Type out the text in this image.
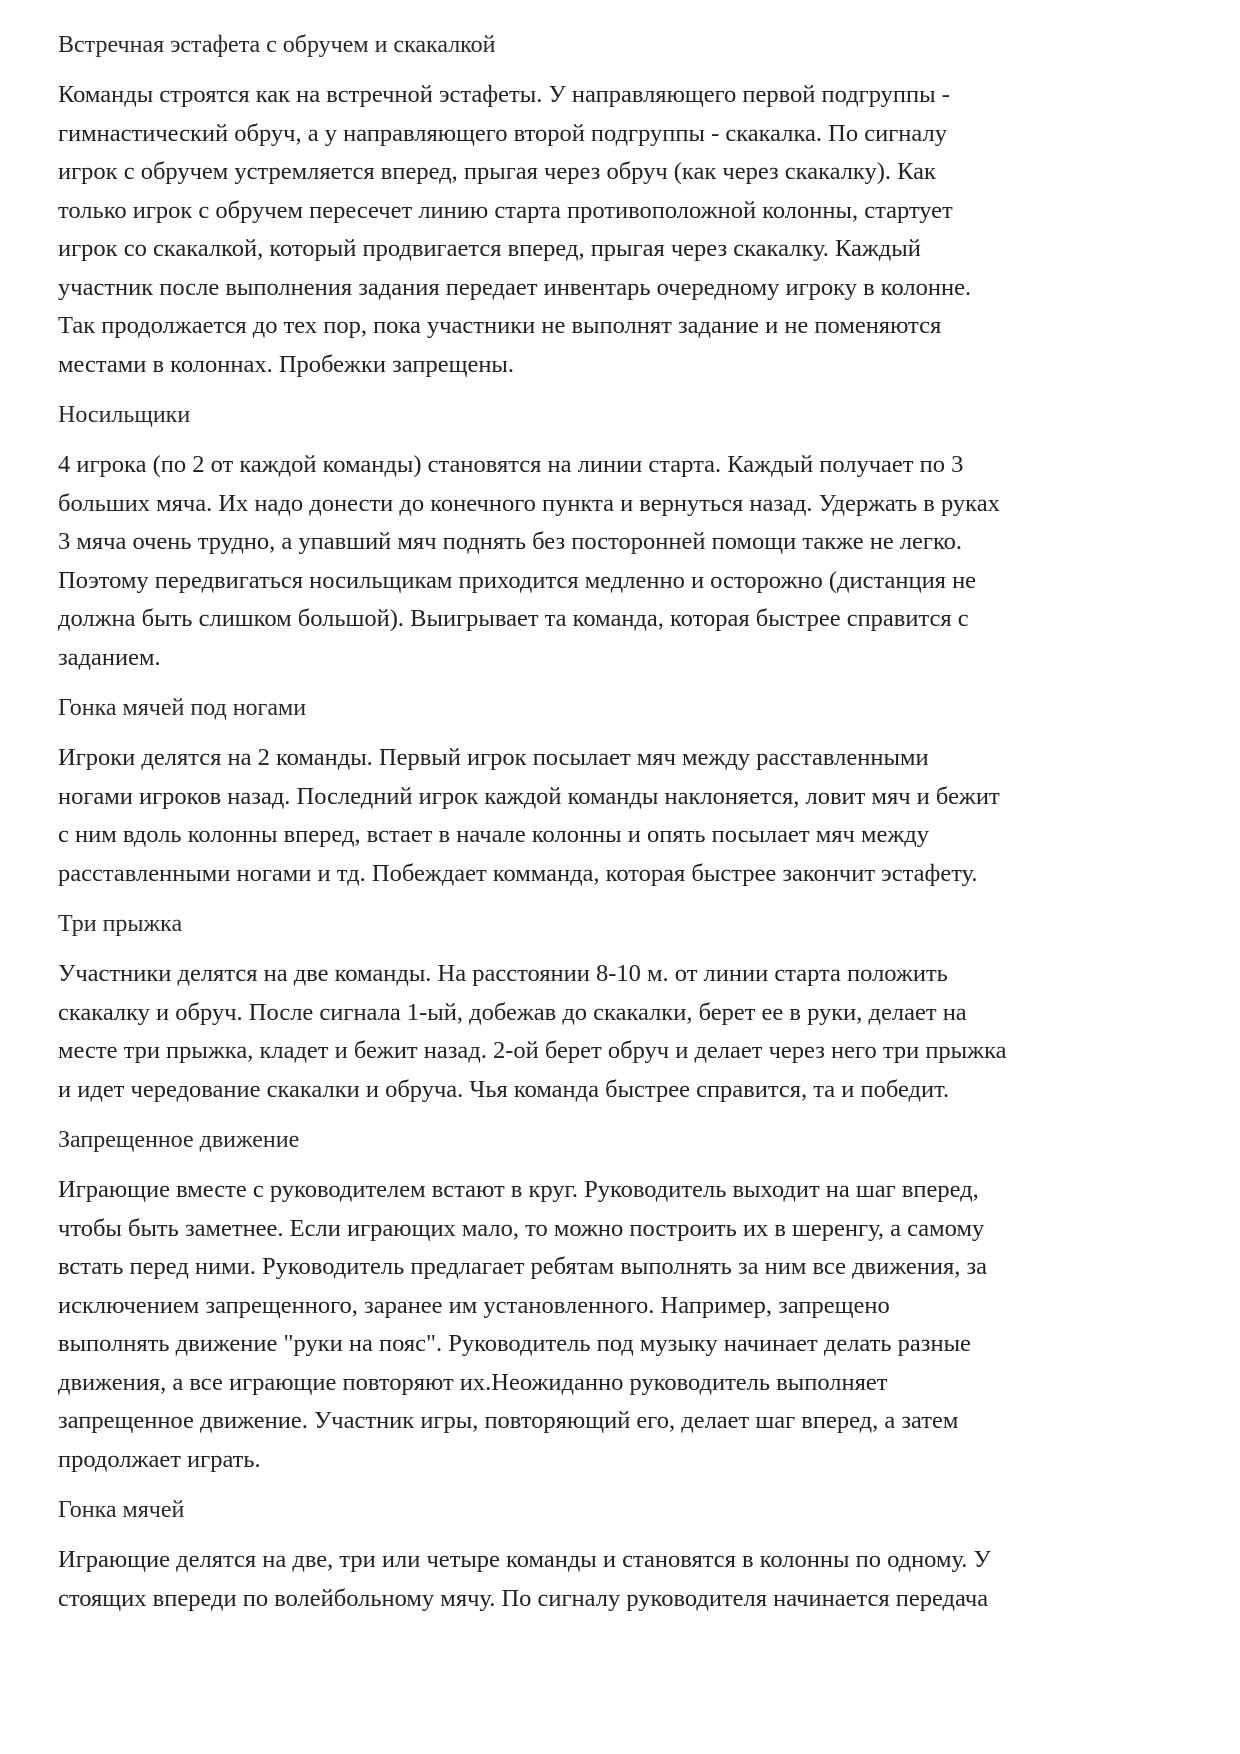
Встречная эстафета с обручем и скакалкой
Команды строятся как на встречной эстафеты. У направляющего первой подгруппы -
гимнастический обруч, а у направляющего второй подгруппы - скакалка. По сигналу
игрок с обручем устремляется вперед, прыгая через обруч (как через скакалку). Как
только игрок с обручем пересечет линию старта противоположной колонны, стартует
игрок со скакалкой, который продвигается вперед, прыгая через скакалку. Каждый
участник после выполнения задания передает инвентарь очередному игроку в колонне.
Так продолжается до тех пор, пока участники не выполнят задание и не поменяются
местами в колоннах. Пробежки запрещены.
Носильщики
4 игрока (по 2 от каждой команды) становятся на линии старта. Каждый получает по 3
больших мяча. Их надо донести до конечного пункта и вернуться назад. Удержать в руках
3 мяча очень трудно, а упавший мяч поднять без посторонней помощи также не легко.
Поэтому передвигаться носильщикам приходится медленно и осторожно (дистанция не
должна быть слишком большой). Выигрывает та команда, которая быстрее справится с
заданием.
Гонка мячей под ногами
Игроки делятся на 2 команды. Первый игрок посылает мяч между расставленными
ногами игроков назад. Последний игрок каждой команды наклоняется, ловит мяч и бежит
с ним вдоль колонны вперед, встает в начале колонны и опять посылает мяч между
расставленными ногами и тд. Побеждает комманда, которая быстрее закончит эстафету.
Три прыжка
Участники делятся на две команды. На расстоянии 8-10 м. от линии старта положить
скакалку и обруч. После сигнала 1-ый, добежав до скакалки, берет ее в руки, делает на
месте три прыжка, кладет и бежит назад. 2-ой берет обруч и делает через него три прыжка
и идет чередование скакалки и обруча. Чья команда быстрее справится, та и победит.
Запрещенное движение
Играющие вместе с руководителем встают в круг. Руководитель выходит на шаг вперед,
чтобы быть заметнее. Если играющих мало, то можно построить их в шеренгу, а самому
встать перед ними. Руководитель предлагает ребятам выполнять за ним все движения, за
исключением запрещенного, заранее им установленного. Например, запрещено
выполнять движение "руки на пояс". Руководитель под музыку начинает делать разные
движения, а все играющие повторяют их.Неожиданно руководитель выполняет
запрещенное движение. Участник игры, повторяющий его, делает шаг вперед, а затем
продолжает играть.
Гонка мячей
Играющие делятся на две, три или четыре команды и становятся в колонны по одному. У
стоящих впереди по волейбольному мячу. По сигналу руководителя начинается передача
